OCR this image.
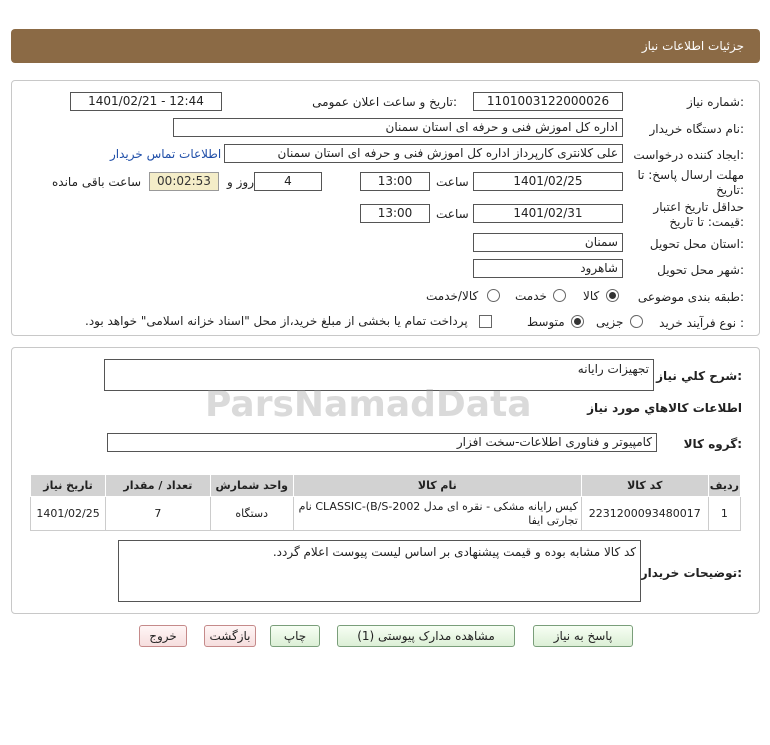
جزئیات اطلاعات نیاز
شماره نیاز:
1101003122000026
تاریخ و ساعت اعلان عمومی:
1401/02/21 - 12:44
نام دستگاه خریدار:
اداره کل اموزش فنی و حرفه ای استان سمنان
ایجاد کننده درخواست:
علی کلانتری کارپرداز اداره کل اموزش فنی و حرفه ای استان سمنان
اطلاعات تماس خریدار
مهلت ارسال پاسخ: تا تاریخ:
1401/02/25
ساعت
13:00
4
روز و
00:02:53
ساعت باقی مانده
حداقل تاریخ اعتبار قیمت: تا تاریخ:
1401/02/31
ساعت
13:00
استان محل تحویل:
سمنان
شهر محل تحویل:
شاهرود
طبقه بندی موضوعی:
کالا
خدمت
کالا/خدمت
نوع فرآیند خرید :
جزیی
متوسط
پرداخت تمام یا بخشی از مبلغ خرید،از محل "اسناد خزانه اسلامی" خواهد بود.
شرح کلي نياز:
تجهیزات رایانه
اطلاعات کالاهاي مورد نياز
گروه کالا:
کامپیوتر و فناوری اطلاعات-سخت افزار
تاریخ نیاز	تعداد / مقدار	واحد شمارش	نام کالا	کد کالا	ردیف
1401/02/25	7	دستگاه	کیس رایانه مشکی - نقره ای مدل CLASSIC-(B/S-2002 نام تجارتی ایفا	2231200093480017	1
توضیحات خریدار:
کد کالا مشابه بوده و قیمت پیشنهادی بر اساس لیست پیوست اعلام گردد.
ParsNamadData
پاسخ به نیاز
مشاهده مدارک پیوستی (1)
چاپ
بازگشت
خروج
